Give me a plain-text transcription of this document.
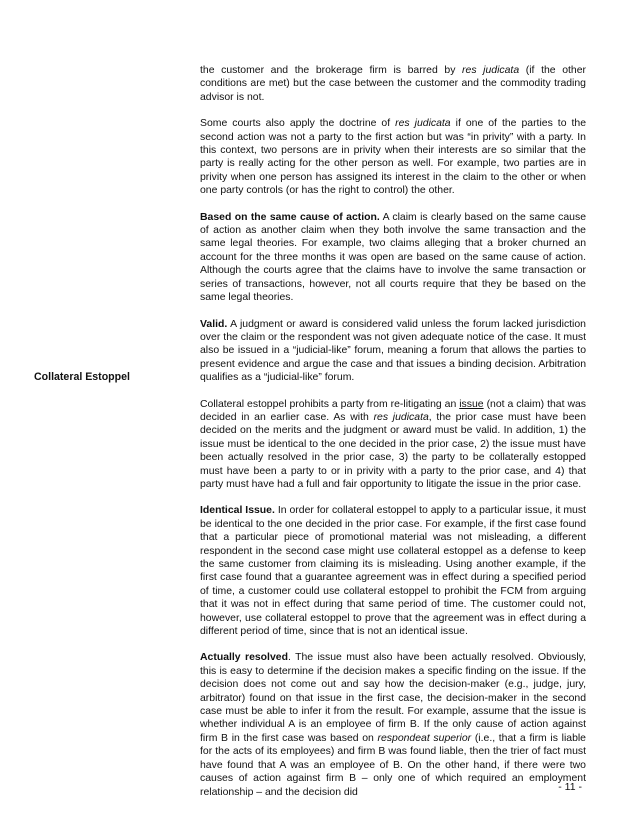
Collateral Estoppel

the customer and the brokerage firm is barred by res judicata (if the other conditions are met) but the case between the customer and the commodity trading advisor is not.

Some courts also apply the doctrine of res judicata if one of the parties to the second action was not a party to the first action but was “in privity” with a party. In this context, two persons are in privity when their interests are so similar that the party is really acting for the other person as well. For example, two parties are in privity when one person has assigned its interest in the claim to the other or when one party controls (or has the right to control) the other.

Based on the same cause of action. A claim is clearly based on the same cause of action as another claim when they both involve the same transaction and the same legal theories. For example, two claims alleging that a broker churned an account for the three months it was open are based on the same cause of action. Although the courts agree that the claims have to involve the same transaction or series of transactions, however, not all courts require that they be based on the same legal theories.

Valid. A judgment or award is considered valid unless the forum lacked jurisdiction over the claim or the respondent was not given adequate notice of the case. It must also be issued in a “judicial-like” forum, meaning a forum that allows the parties to present evidence and argue the case and that issues a binding decision. Arbitration qualifies as a “judicial-like” forum.

Collateral estoppel prohibits a party from re-litigating an issue (not a claim) that was decided in an earlier case. As with res judicata, the prior case must have been decided on the merits and the judgment or award must be valid. In addition, 1) the issue must be identical to the one decided in the prior case, 2) the issue must have been actually resolved in the prior case, 3) the party to be collaterally estopped must have been a party to or in privity with a party to the prior case, and 4) that party must have had a full and fair opportunity to litigate the issue in the prior case.

Identical Issue. In order for collateral estoppel to apply to a particular issue, it must be identical to the one decided in the prior case. For example, if the first case found that a particular piece of promotional material was not misleading, a different respondent in the second case might use collateral estoppel as a defense to keep the same customer from claiming its is misleading. Using another example, if the first case found that a guarantee agreement was in effect during a specified period of time, a customer could use collateral estoppel to prohibit the FCM from arguing that it was not in effect during that same period of time. The customer could not, however, use collateral estoppel to prove that the agreement was in effect during a different period of time, since that is not an identical issue.

Actually resolved. The issue must also have been actually resolved. Obviously, this is easy to determine if the decision makes a specific finding on the issue. If the decision does not come out and say how the decision-maker (e.g., judge, jury, arbitrator) found on that issue in the first case, the decision-maker in the second case must be able to infer it from the result. For example, assume that the issue is whether individual A is an employee of firm B. If the only cause of action against firm B in the first case was based on respondeat superior (i.e., that a firm is liable for the acts of its employees) and firm B was found liable, then the trier of fact must have found that A was an employee of B. On the other hand, if there were two causes of action against firm B – only one of which required an employment relationship – and the decision did	- 11 -
